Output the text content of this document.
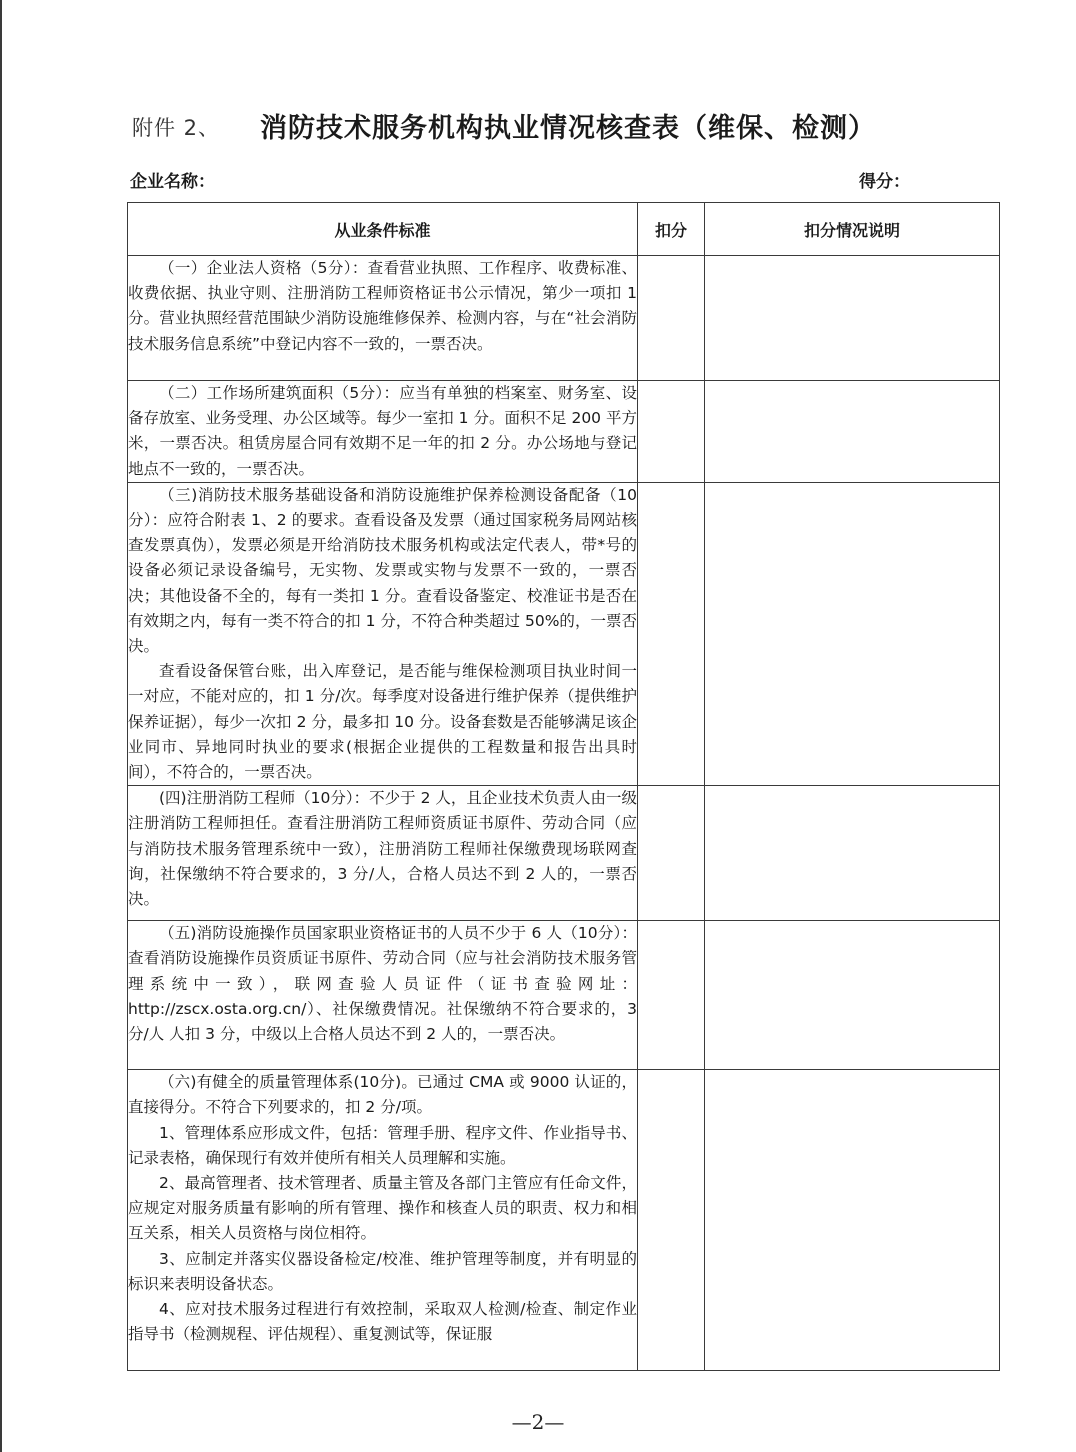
附件 2、 消防技术服务机构执业情况核查表（维保、检测）
企业名称：	得分：
从业条件标准	扣分	扣分情况说明

（一）企业法人资格（5分）：查看营业执照、工作程序、收费标准、收费依据、执业守则、注册消防工程师资格证书公示情况，第少一项扣 1 分。营业执照经营范围缺少消防设施维修保养、检测内容，与在“社会消防技术服务信息系统”中登记内容不一致的，一票否决。		

（二）工作场所建筑面积（5分）：应当有单独的档案室、财务室、设备存放室、业务受理、办公区域等。每少一室扣 1 分。面积不足 200 平方米，一票否决。租赁房屋合同有效期不足一年的扣 2 分。办公场地与登记地点不一致的，一票否决。		

（三)消防技术服务基础设备和消防设施维护保养检测设备配备（10分）：应符合附表 1、2 的要求。查看设备及发票（通过国家税务局网站核查发票真伪），发票必须是开给消防技术服务机构或法定代表人，带*号的设备必须记录设备编号，无实物、发票或实物与发票不一致的，一票否决；其他设备不全的，每有一类扣 1 分。查看设备鉴定、校准证书是否在有效期之内，每有一类不符合的扣 1 分，不符合种类超过 50%的，一票否决。

查看设备保管台账，出入库登记，是否能与维保检测项目执业时间一一对应，不能对应的，扣 1 分/次。每季度对设备进行维护保养（提供维护保养证据），每少一次扣 2 分，最多扣 10 分。设备套数是否能够满足该企业同市、异地同时执业的要求(根据企业提供的工程数量和报告出具时间），不符合的，一票否决。		

(四)注册消防工程师（10分）：不少于 2 人，且企业技术负责人由一级注册消防工程师担任。查看注册消防工程师资质证书原件、劳动合同（应与消防技术服务管理系统中一致），注册消防工程师社保缴费现场联网查询，社保缴纳不符合要求的，3 分/人，合格人员达不到 2 人的，一票否决。		

（五)消防设施操作员国家职业资格证书的人员不少于 6 人（10分）：查看消防设施操作员资质证书原件、劳动合同（应与社会消防技术服务管理系统中一致），联网查验人员证件（证书查验网址：http://zscx.osta.org.cn/）、社保缴费情况。社保缴纳不符合要求的，3 分/人 人扣 3 分，中级以上合格人员达不到 2 人的，一票否决。		

（六)有健全的质量管理体系(10分)。已通过 CMA 或 9000 认证的，直接得分。不符合下列要求的，扣 2 分/项。

1、管理体系应形成文件，包括：管理手册、程序文件、作业指导书、记录表格，确保现行有效并使所有相关人员理解和实施。

2、最高管理者、技术管理者、质量主管及各部门主管应有任命文件，应规定对服务质量有影响的所有管理、操作和核查人员的职责、权力和相互关系，相关人员资格与岗位相符。

3、应制定并落实仪器设备检定/校准、维护管理等制度，并有明显的标识来表明设备状态。

4、应对技术服务过程进行有效控制，采取双人检测/检查、制定作业指导书（检测规程、评估规程）、重复测试等，保证服		

—2—
